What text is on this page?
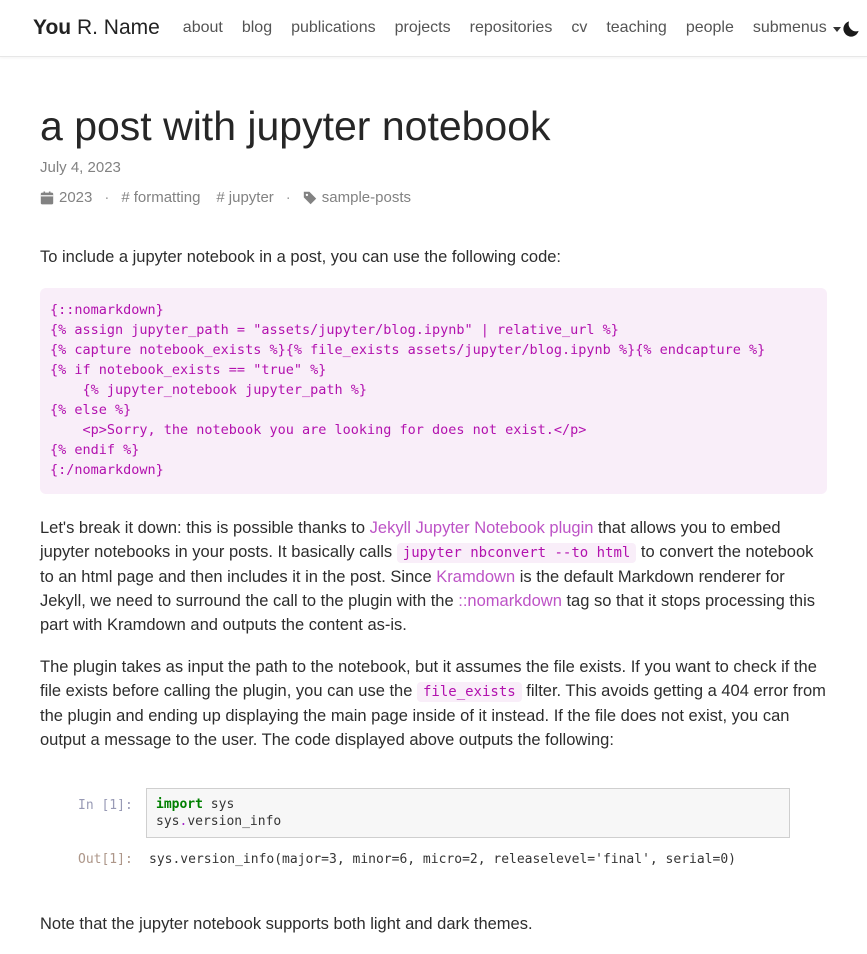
You R. Name about blog publications projects repositories cv teaching people submenus
a post with jupyter notebook
July 4, 2023
2023 · # formatting # jupyter · sample-posts

To include a jupyter notebook in a post, you can use the following code:

{::nomarkdown}
{% assign jupyter_path = "assets/jupyter/blog.ipynb" | relative_url %}
{% capture notebook_exists %}{% file_exists assets/jupyter/blog.ipynb %}{% endcapture %}
{% if notebook_exists == "true" %}
{% jupyter_notebook jupyter_path %}
{% else %}
<p>Sorry, the notebook you are looking for does not exist.</p>
{% endif %}
{:/nomarkdown}

Let's break it down: this is possible thanks to Jekyll Jupyter Notebook plugin that allows you to embed jupyter notebooks in your posts. It basically calls jupyter nbconvert --to html to convert the notebook to an html page and then includes it in the post. Since Kramdown is the default Markdown renderer for Jekyll, we need to surround the call to the plugin with the ::nomarkdown tag so that it stops processing this part with Kramdown and outputs the content as-is.

The plugin takes as input the path to the notebook, but it assumes the file exists. If you want to check if the file exists before calling the plugin, you can use the file_exists filter. This avoids getting a 404 error from the plugin and ending up displaying the main page inside of it instead. If the file does not exist, you can output a message to the user. The code displayed above outputs the following:

In [1]:	import sys
sys.version_info
Out[1]:	sys.version_info(major=3, minor=6, micro=2, releaselevel='final', serial=0)

Note that the jupyter notebook supports both light and dark themes.
